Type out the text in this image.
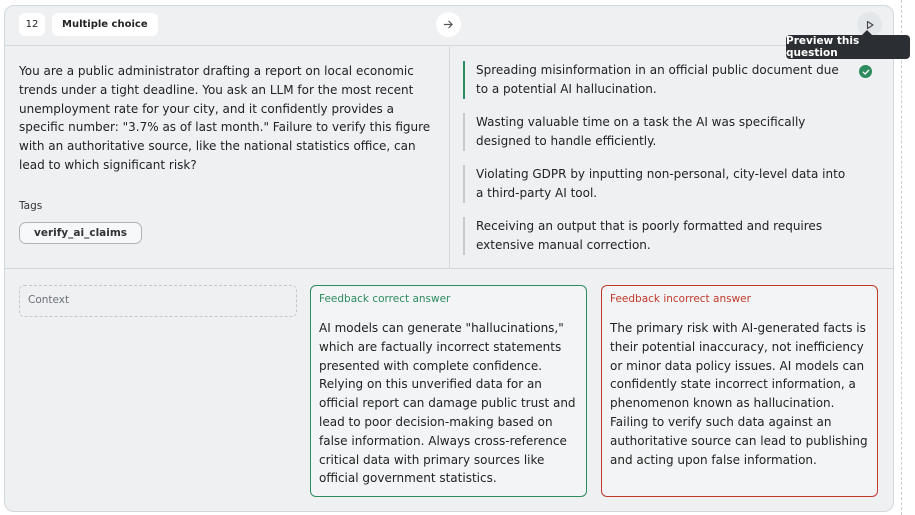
12	Multiple choice
You are a public administrator drafting a report on local economic trends under a tight deadline. You ask an LLM for the most recent unemployment rate for your city, and it confidently provides a specific number: "3.7% as of last month." Failure to verify this figure with an authoritative source, like the national statistics office, can lead to which significant risk?
Tags
verify_ai_claims
Spreading misinformation in an official public document due to a potential AI hallucination.
Wasting valuable time on a task the AI was specifically designed to handle efficiently.
Violating GDPR by inputting non-personal, city-level data into a third-party AI tool.
Receiving an output that is poorly formatted and requires extensive manual correction.
Context	Feedback correct answer
AI models can generate "hallucinations," which are factually incorrect statements presented with complete confidence. Relying on this unverified data for an official report can damage public trust and lead to poor decision-making based on false information. Always cross-reference critical data with primary sources like official government statistics.
Feedback incorrect answer
The primary risk with AI-generated facts is their potential inaccuracy, not inefficiency or minor data policy issues. AI models can confidently state incorrect information, a phenomenon known as hallucination. Failing to verify such data against an authoritative source can lead to publishing and acting upon false information.
Preview this question
